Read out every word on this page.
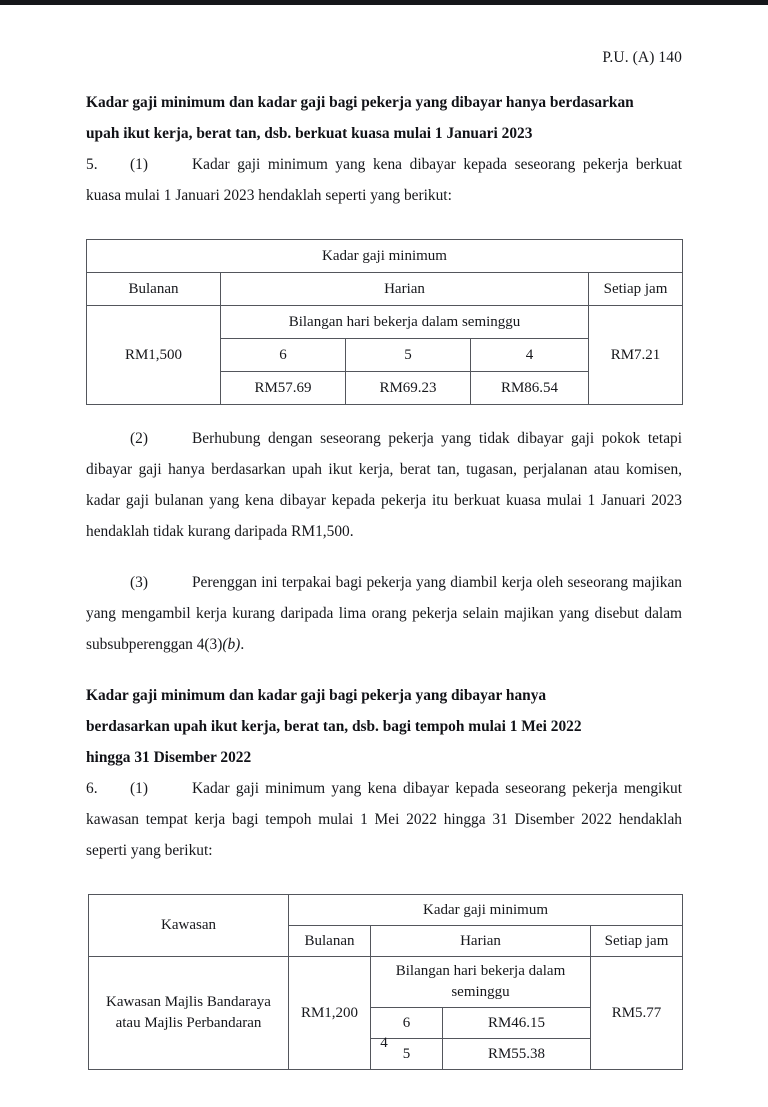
P.U. (A) 140
Kadar gaji minimum dan kadar gaji bagi pekerja yang dibayar hanya berdasarkan
upah ikut kerja, berat tan, dsb. berkuat kuasa mulai 1 Januari 2023

5. (1)	Kadar gaji minimum yang kena dibayar kepada seseorang pekerja berkuat kuasa mulai 1 Januari 2023 hendaklah seperti yang berikut:

Kadar gaji minimum				
Bulanan	Harian			Setiap jam
RM1,500	Bilangan hari bekerja dalam seminggu			RM7.21
	6	5	4	
	RM57.69	RM69.23	RM86.54	

(2)	Berhubung dengan seseorang pekerja yang tidak dibayar gaji pokok tetapi dibayar gaji hanya berdasarkan upah ikut kerja, berat tan, tugasan, perjalanan atau komisen, kadar gaji bulanan yang kena dibayar kepada pekerja itu berkuat kuasa mulai 1 Januari 2023 hendaklah tidak kurang daripada RM1,500.

(3)	Perenggan ini terpakai bagi pekerja yang diambil kerja oleh seseorang majikan yang mengambil kerja kurang daripada lima orang pekerja selain majikan yang disebut dalam subsubperenggan 4(3)(b).

Kadar gaji minimum dan kadar gaji bagi pekerja yang dibayar hanya
berdasarkan upah ikut kerja, berat tan, dsb. bagi tempoh mulai 1 Mei 2022
hingga 31 Disember 2022

6. (1)	Kadar gaji minimum yang kena dibayar kepada seseorang pekerja mengikut kawasan tempat kerja bagi tempoh mulai 1 Mei 2022 hingga 31 Disember 2022 hendaklah seperti yang berikut:

Kawasan	Kadar gaji minimum			
	Bulanan	Harian		Setiap jam
Kawasan Majlis Bandaraya atau Majlis Perbandaran	RM1,200	Bilangan hari bekerja dalam seminggu		RM5.77
		6	RM46.15	
		5	RM55.38	
4
